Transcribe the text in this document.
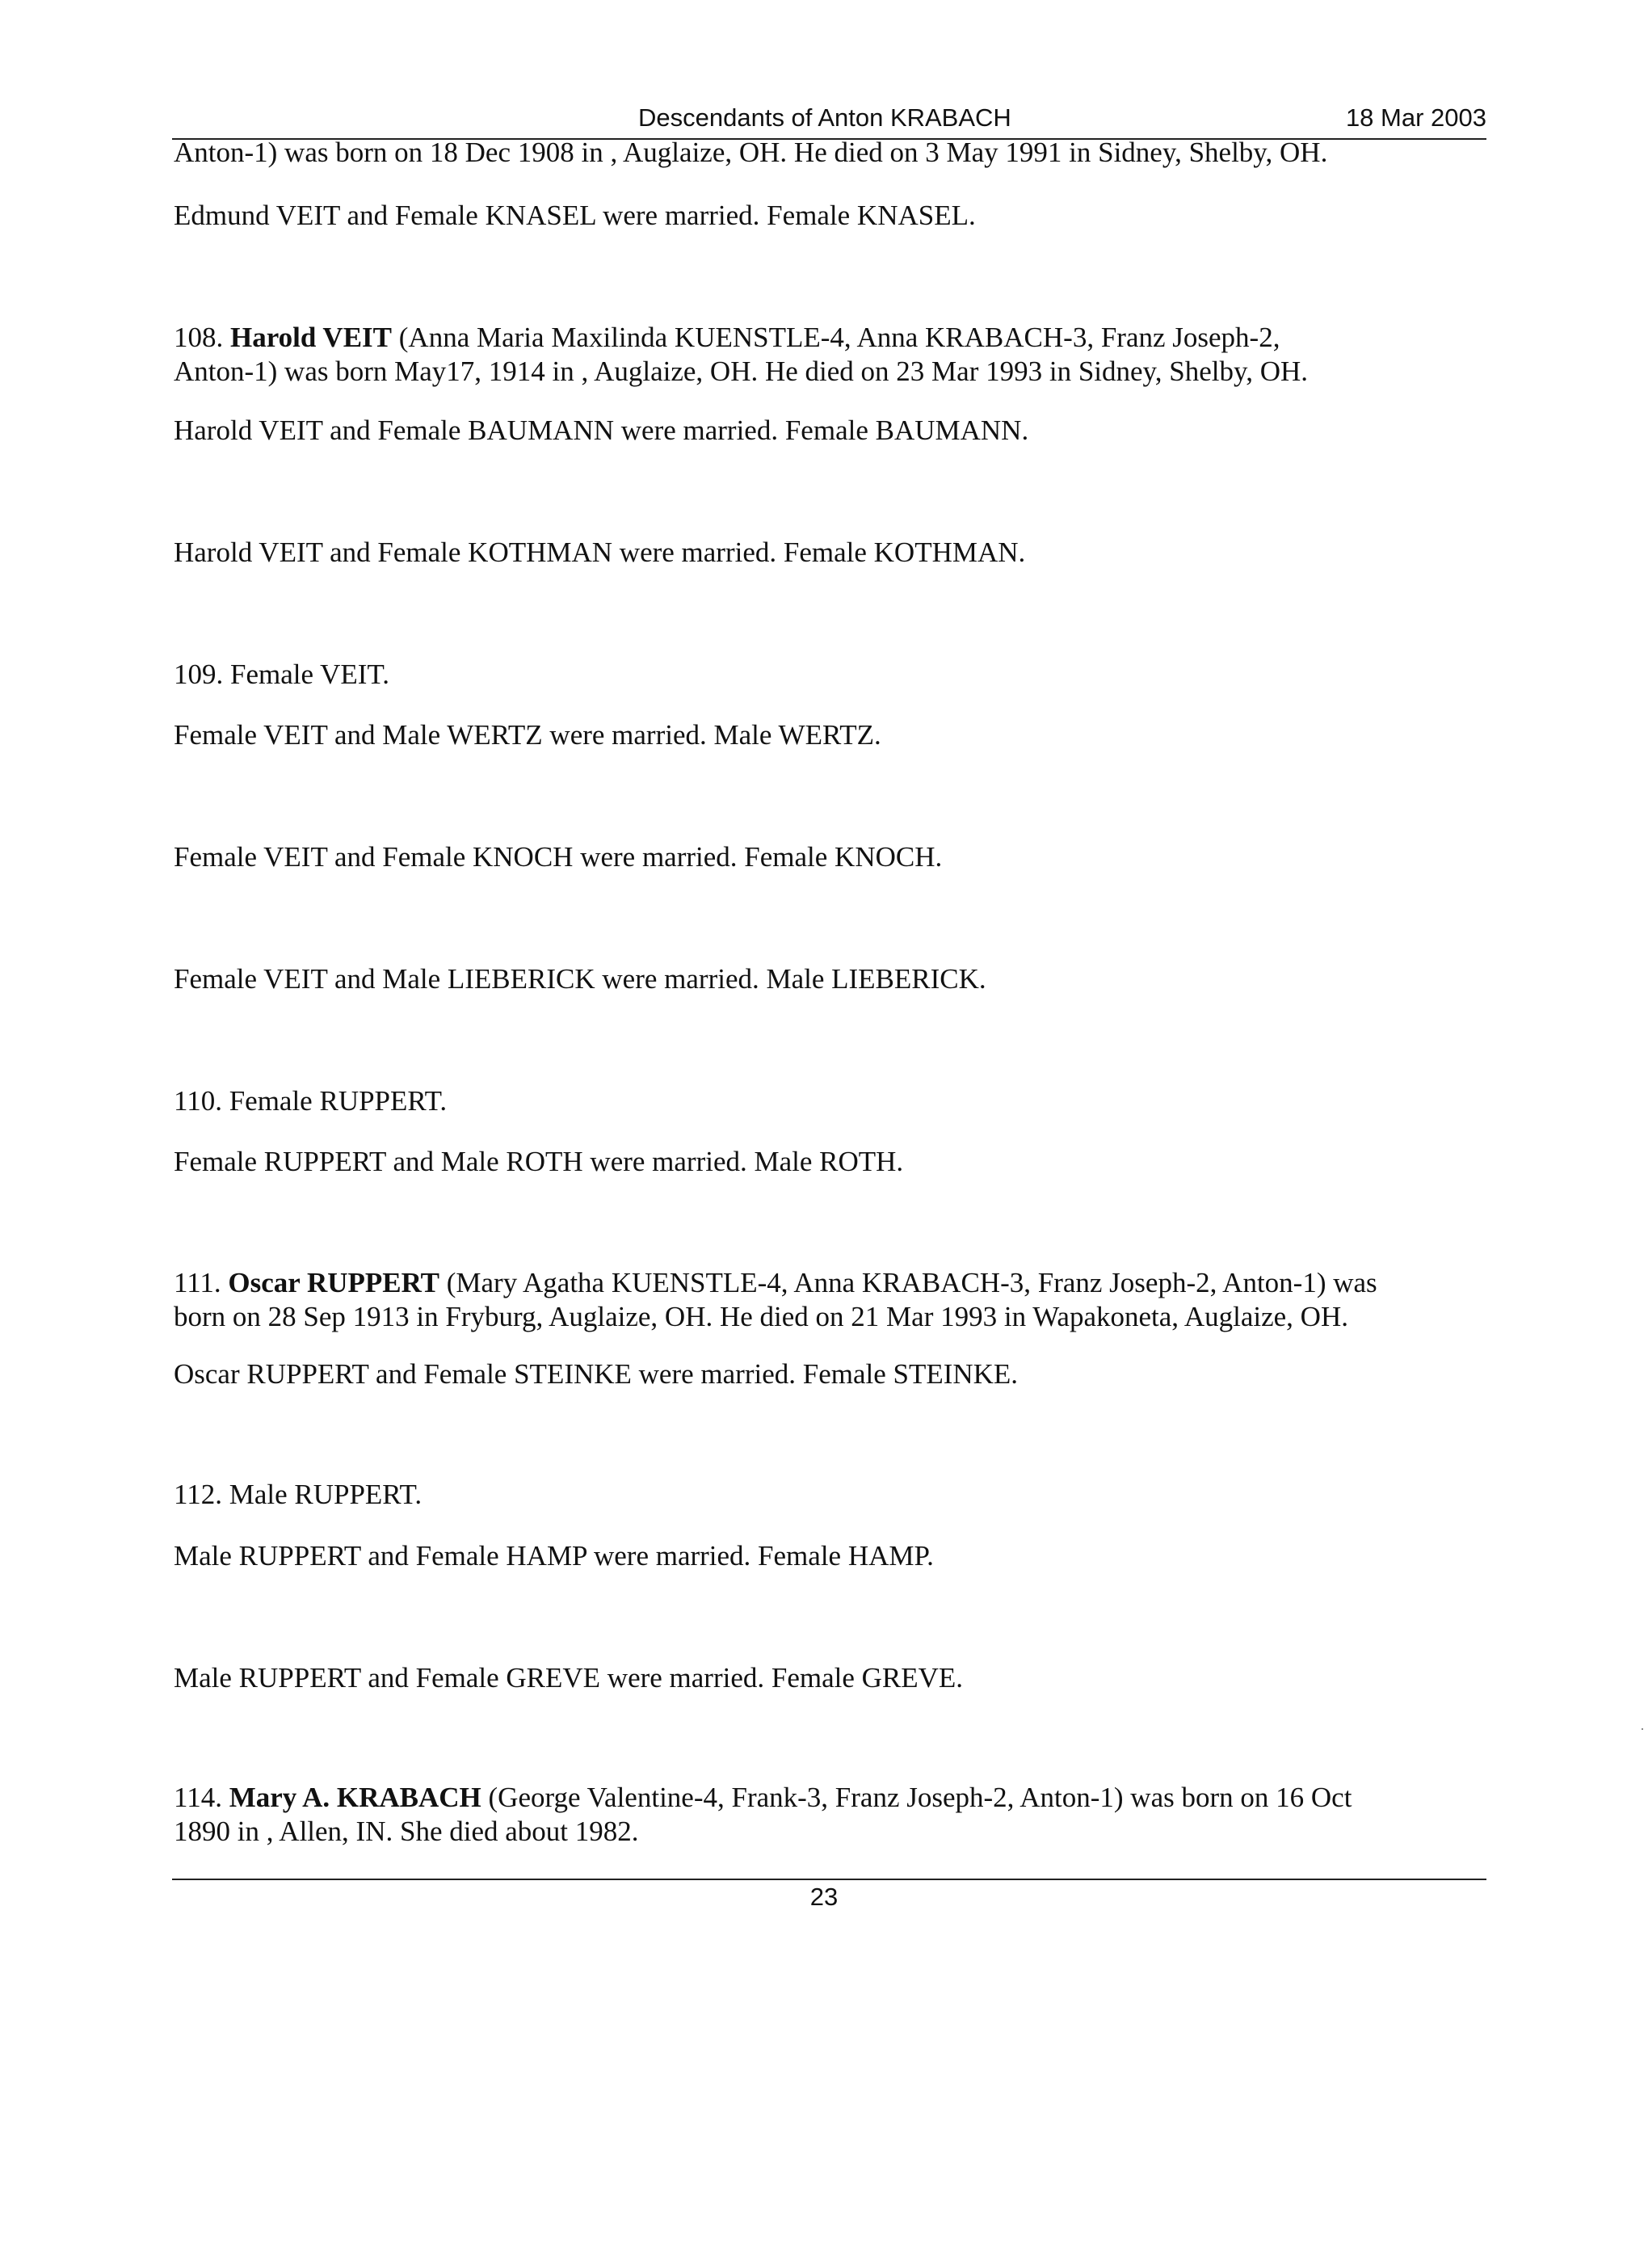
Descendants of Anton KRABACH	18 Mar 2003
Anton-1) was born on 18 Dec 1908 in , Auglaize, OH. He died on 3 May 1991 in Sidney, Shelby, OH.
Edmund VEIT and Female KNASEL were married. Female KNASEL.
108. Harold VEIT (Anna Maria Maxilinda KUENSTLE-4, Anna KRABACH-3, Franz Joseph-2,
Anton-1) was born May17, 1914 in , Auglaize, OH. He died on 23 Mar 1993 in Sidney, Shelby, OH.
Harold VEIT and Female BAUMANN were married. Female BAUMANN.
Harold VEIT and Female KOTHMAN were married. Female KOTHMAN.
109. Female VEIT.
Female VEIT and Male WERTZ were married. Male WERTZ.
Female VEIT and Female KNOCH were married. Female KNOCH.
Female VEIT and Male LIEBERICK were married. Male LIEBERICK.
110. Female RUPPERT.
Female RUPPERT and Male ROTH were married. Male ROTH.
111. Oscar RUPPERT (Mary Agatha KUENSTLE-4, Anna KRABACH-3, Franz Joseph-2, Anton-1) was
born on 28 Sep 1913 in Fryburg, Auglaize, OH. He died on 21 Mar 1993 in Wapakoneta, Auglaize, OH.
Oscar RUPPERT and Female STEINKE were married. Female STEINKE.
112. Male RUPPERT.
Male RUPPERT and Female HAMP were married. Female HAMP.
Male RUPPERT and Female GREVE were married. Female GREVE.
114. Mary A. KRABACH (George Valentine-4, Frank-3, Franz Joseph-2, Anton-1) was born on 16 Oct
1890 in , Allen, IN. She died about 1982.
23
